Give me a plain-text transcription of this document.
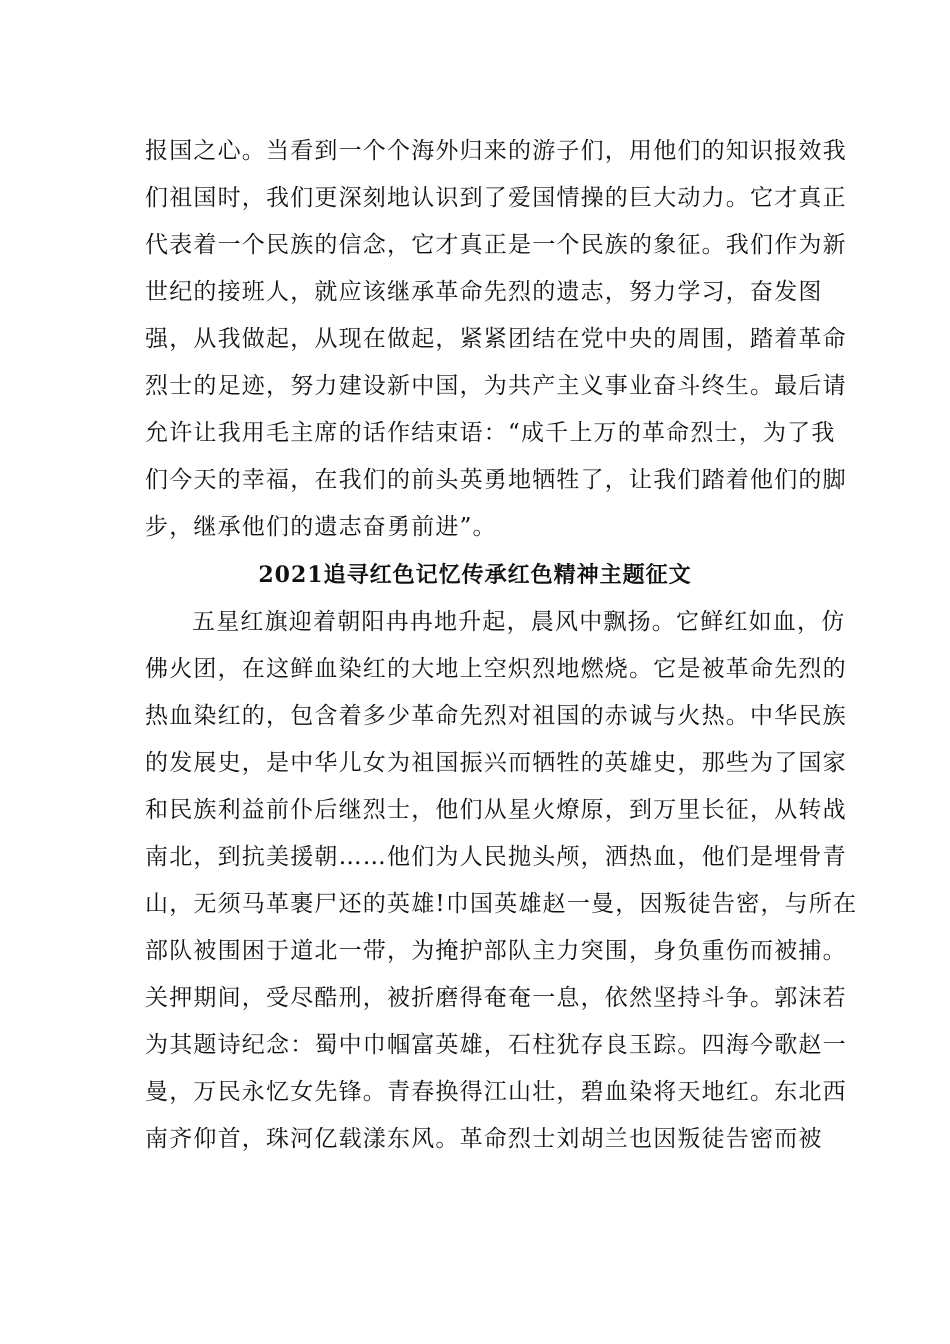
报国之心。当看到一个个海外归来的游子们，用他们的知识报效我
们祖国时，我们更深刻地认识到了爱国情操的巨大动力。它才真正
代表着一个民族的信念，它才真正是一个民族的象征。我们作为新
世纪的接班人，就应该继承革命先烈的遗志，努力学习，奋发图
强，从我做起，从现在做起，紧紧团结在党中央的周围，踏着革命
烈士的足迹，努力建设新中国，为共产主义事业奋斗终生。最后请
允许让我用毛主席的话作结束语：“成千上万的革命烈士，为了我
们今天的幸福，在我们的前头英勇地牺牲了，让我们踏着他们的脚
步，继承他们的遗志奋勇前进”。
2021追寻红色记忆传承红色精神主题征文
五星红旗迎着朝阳冉冉地升起，晨风中飘扬。它鲜红如血，仿
佛火团，在这鲜血染红的大地上空炽烈地燃烧。它是被革命先烈的
热血染红的，包含着多少革命先烈对祖国的赤诚与火热。中华民族
的发展史，是中华儿女为祖国振兴而牺牲的英雄史，那些为了国家
和民族利益前仆后继烈士，他们从星火燎原，到万里长征，从转战
南北，到抗美援朝……他们为人民抛头颅，洒热血，他们是埋骨青
山，无须马革裹尸还的英雄!巾国英雄赵一曼，因叛徒告密，与所在
部队被围困于道北一带，为掩护部队主力突围，身负重伤而被捕。
关押期间，受尽酷刑，被折磨得奄奄一息，依然坚持斗争。郭沫若
为其题诗纪念：蜀中巾帼富英雄，石柱犹存良玉踪。四海今歌赵一
曼，万民永忆女先锋。青春换得江山壮，碧血染将天地红。东北西
南齐仰首，珠河亿载漾东风。革命烈士刘胡兰也因叛徒告密而被
